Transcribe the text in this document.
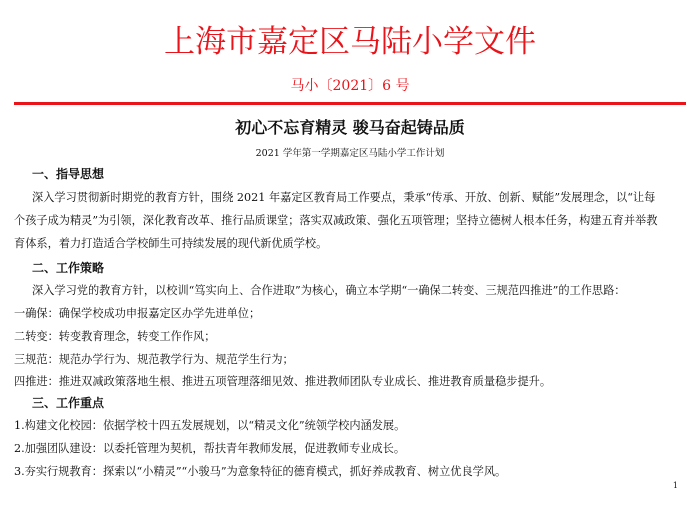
上海市嘉定区马陆小学文件
马小〔2021〕6 号
初心不忘育精灵 骏马奋起铸品质
2021 学年第一学期嘉定区马陆小学工作计划
一、指导思想
深入学习贯彻新时期党的教育方针，围绕 2021 年嘉定区教育局工作要点，秉承“传承、开放、创新、赋能”发展理念，以“让每
个孩子成为精灵”为引领，深化教育改革、推行品质课堂；落实双减政策、强化五项管理；坚持立德树人根本任务，构建五育并举教
育体系，着力打造适合学校師生可持续发展的现代新优质学校。
二、工作策略
深入学习党的教育方针，以校训“笃实向上、合作进取”为核心，确立本学期“一确保二转变、三规范四推进”的工作思路：
一确保：确保学校成功申报嘉定区办学先进单位；
二转变：转变教育理念，转变工作作风；
三规范：规范办学行为、规范教学行为、规范学生行为；
四推进：推进双减政策落地生根、推进五项管理落细见效、推进教师团队专业成长、推进教育质量稳步提升。
三、工作重点
1.构建文化校园：依据学校十四五发展规划，以“精灵文化”统领学校内涵发展。
2.加强团队建设：以委托管理为契机，帮扶青年教师发展，促进教师专业成长。
3.夯实行规教育：探索以“小精灵”“小骏马”为意象特征的德育模式，抓好养成教育、树立优良学风。
1
